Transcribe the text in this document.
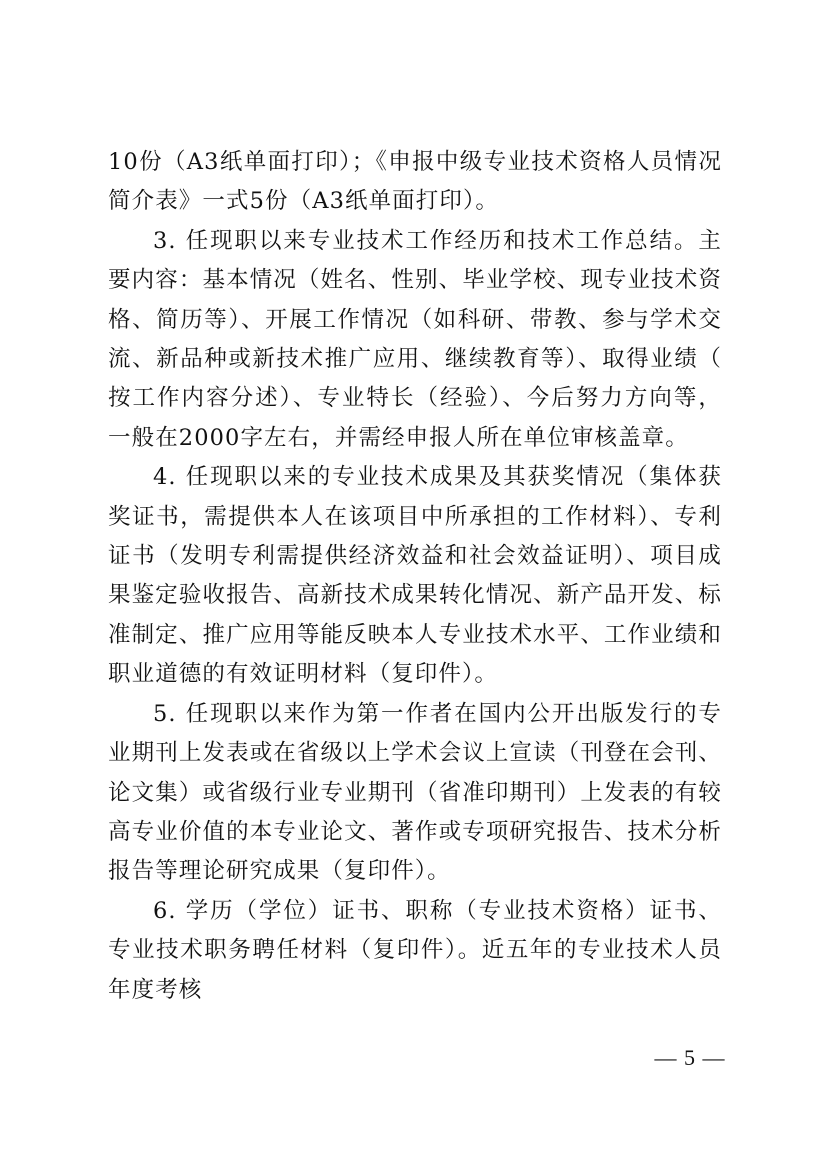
10份（A3纸单面打印）；《申报中级专业技术资格人员情况简介表》一式5份（A3纸单面打印）。

3. 任现职以来专业技术工作经历和技术工作总结。主要内容：基本情况（姓名、性别、毕业学校、现专业技术资格、简历等）、开展工作情况（如科研、带教、参与学术交流、新品种或新技术推广应用、继续教育等）、取得业绩（按工作内容分述）、专业特长（经验）、今后努力方向等，一般在2000字左右，并需经申报人所在单位审核盖章。

4. 任现职以来的专业技术成果及其获奖情况（集体获奖证书，需提供本人在该项目中所承担的工作材料）、专利证书（发明专利需提供经济效益和社会效益证明）、项目成果鉴定验收报告、高新技术成果转化情况、新产品开发、标准制定、推广应用等能反映本人专业技术水平、工作业绩和职业道德的有效证明材料（复印件）。

5. 任现职以来作为第一作者在国内公开出版发行的专业期刊上发表或在省级以上学术会议上宣读（刊登在会刊、论文集）或省级行业专业期刊（省准印期刊）上发表的有较高专业价值的本专业论文、著作或专项研究报告、技术分析报告等理论研究成果（复印件）。

6. 学历（学位）证书、职称（专业技术资格）证书、专业技术职务聘任材料（复印件）。近五年的专业技术人员年度考核

— 5 —
